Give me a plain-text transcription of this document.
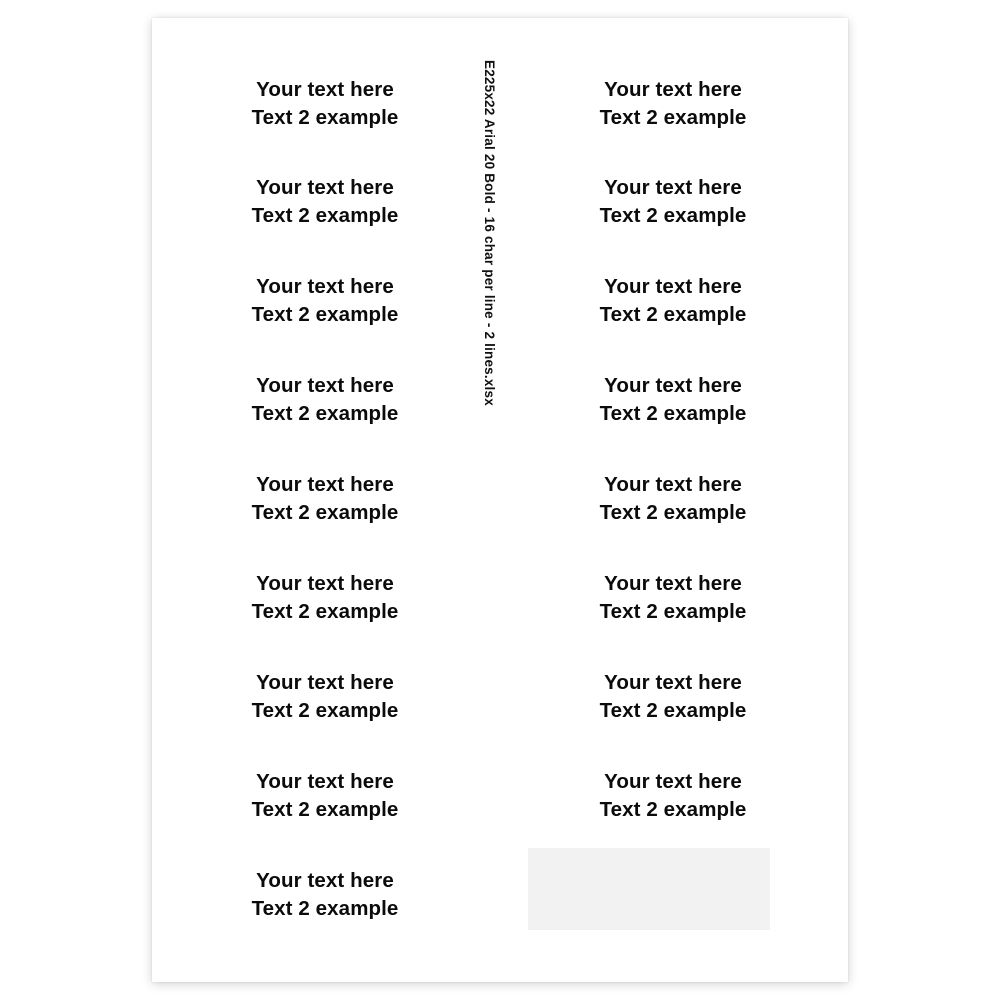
Your text here
Text 2 example
Your text here
Text 2 example
Your text here
Text 2 example
Your text here
Text 2 example
Your text here
Text 2 example
Your text here
Text 2 example
Your text here
Text 2 example
Your text here
Text 2 example
Your text here
Text 2 example
Your text here
Text 2 example
Your text here
Text 2 example
Your text here
Text 2 example
Your text here
Text 2 example
Your text here
Text 2 example
Your text here
Text 2 example
Your text here
Text 2 example
Your text here
Text 2 example
E225x22 Arial 20 Bold - 16 char per line - 2 lines.xlsx
